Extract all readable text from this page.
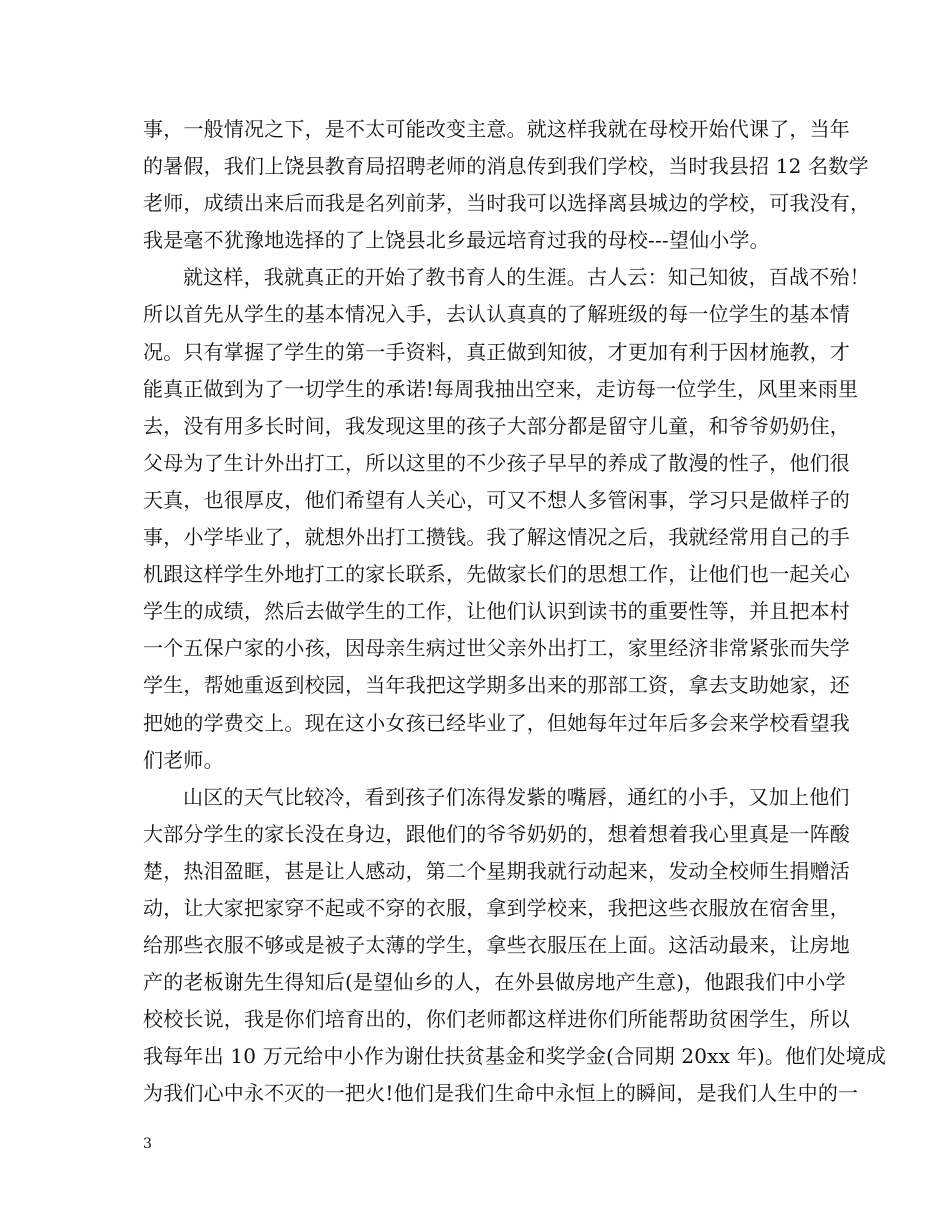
事，一般情况之下，是不太可能改变主意。就这样我就在母校开始代课了，当年
的暑假，我们上饶县教育局招聘老师的消息传到我们学校，当时我县招 12 名数学
老师，成绩出来后而我是名列前茅，当时我可以选择离县城边的学校，可我没有，
我是毫不犹豫地选择的了上饶县北乡最远培育过我的母校---望仙小学。
就这样，我就真正的开始了教书育人的生涯。古人云：知己知彼，百战不殆！
所以首先从学生的基本情况入手，去认认真真的了解班级的每一位学生的基本情
况。只有掌握了学生的第一手资料，真正做到知彼，才更加有利于因材施教，才
能真正做到为了一切学生的承诺!每周我抽出空来，走访每一位学生，风里来雨里
去，没有用多长时间，我发现这里的孩子大部分都是留守儿童，和爷爷奶奶住，
父母为了生计外出打工，所以这里的不少孩子早早的养成了散漫的性子，他们很
天真，也很厚皮，他们希望有人关心，可又不想人多管闲事，学习只是做样子的
事，小学毕业了，就想外出打工攒钱。我了解这情况之后，我就经常用自己的手
机跟这样学生外地打工的家长联系，先做家长们的思想工作，让他们也一起关心
学生的成绩，然后去做学生的工作，让他们认识到读书的重要性等，并且把本村
一个五保户家的小孩，因母亲生病过世父亲外出打工，家里经济非常紧张而失学
学生，帮她重返到校园，当年我把这学期多出来的那部工资，拿去支助她家，还
把她的学费交上。现在这小女孩已经毕业了，但她每年过年后多会来学校看望我
们老师。
山区的天气比较冷，看到孩子们冻得发紫的嘴唇，通红的小手，又加上他们
大部分学生的家长没在身边，跟他们的爷爷奶奶的，想着想着我心里真是一阵酸
楚，热泪盈眶，甚是让人感动，第二个星期我就行动起来，发动全校师生捐赠活
动，让大家把家穿不起或不穿的衣服，拿到学校来，我把这些衣服放在宿舍里，
给那些衣服不够或是被子太薄的学生，拿些衣服压在上面。这活动最来，让房地
产的老板谢先生得知后(是望仙乡的人，在外县做房地产生意)，他跟我们中小学
校校长说，我是你们培育出的，你们老师都这样进你们所能帮助贫困学生，所以
我每年出 10 万元给中小作为谢仕扶贫基金和奖学金(合同期 20xx 年)。他们处境成
为我们心中永不灭的一把火!他们是我们生命中永恒上的瞬间，是我们人生中的一
3
